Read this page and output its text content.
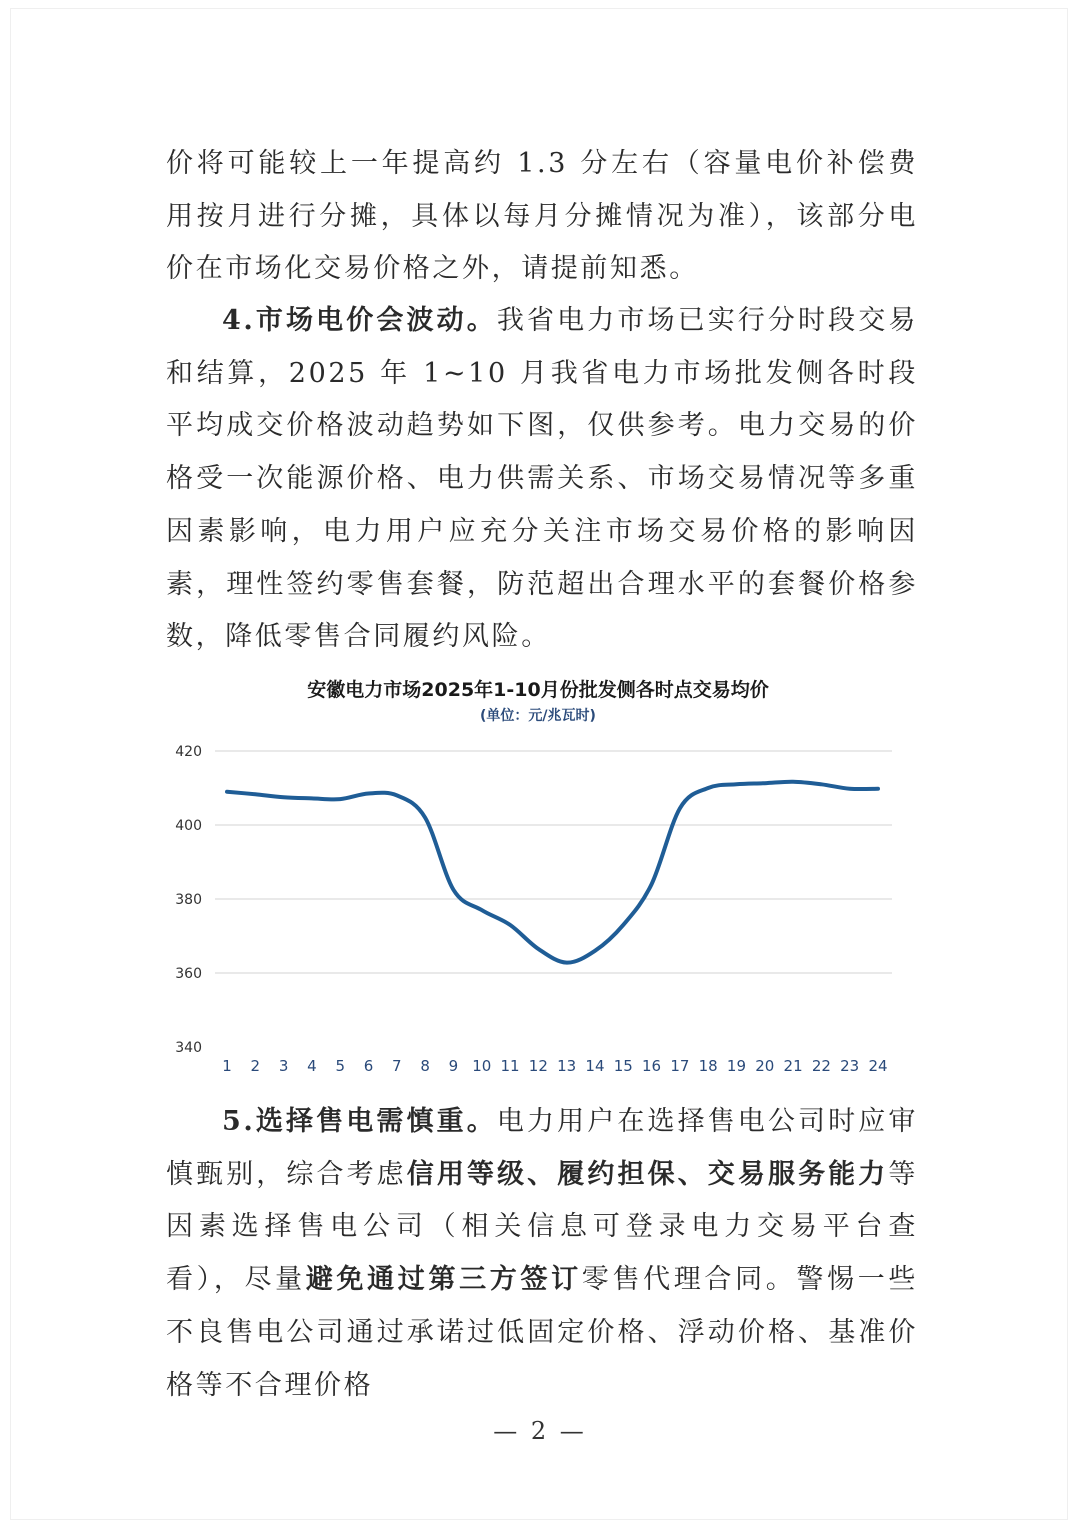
价将可能较上一年提高约 1.3 分左右（容量电价补偿费用按月进行分摊，具体以每月分摊情况为准），该部分电价在市场化交易价格之外，请提前知悉。
4.市场电价会波动。我省电力市场已实行分时段交易和结算，2025 年 1~10 月我省电力市场批发侧各时段平均成交价格波动趋势如下图，仅供参考。电力交易的价格受一次能源价格、电力供需关系、市场交易情况等多重因素影响，电力用户应充分关注市场交易价格的影响因素，理性签约零售套餐，防范超出合理水平的套餐价格参数，降低零售合同履约风险。
安徽电力市场2025年1-10月份批发侧各时点交易均价
(单位：元/兆瓦时)
340
360
380
400
420
1 2 3 4 5 6 7 8 9 10 11 12 13 14 15 16 17 18 19 20 21 22 23 24
5.选择售电需慎重。电力用户在选择售电公司时应审慎甄别，综合考虑信用等级、履约担保、交易服务能力等因素选择售电公司（相关信息可登录电力交易平台查看），尽量避免通过第三方签订零售代理合同。警惕一些不良售电公司通过承诺过低固定价格、浮动价格、基准价格等不合理价格
— 2 —
